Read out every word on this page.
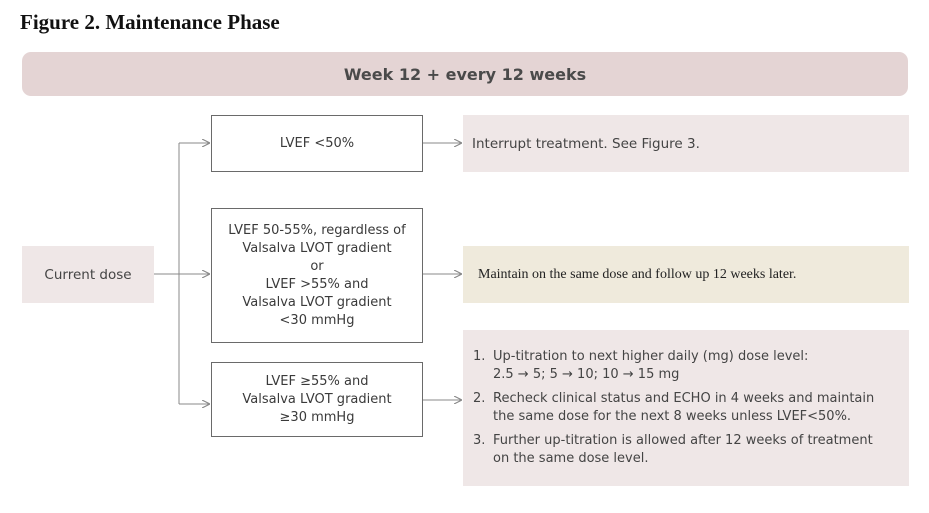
Figure 2. Maintenance Phase
Week 12 + every 12 weeks
Current dose
LVEF <50%
LVEF 50-55%, regardless of
Valsalva LVOT gradient
or
LVEF >55% and
Valsalva LVOT gradient
<30 mmHg
LVEF ≥55% and
Valsalva LVOT gradient
≥30 mmHg
Interrupt treatment. See Figure 3.
Maintain on the same dose and follow up 12 weeks later.
1. Up-titration to next higher daily (mg) dose level:
2.5 → 5; 5 → 10; 10 → 15 mg
2. Recheck clinical status and ECHO in 4 weeks and maintain
the same dose for the next 8 weeks unless LVEF<50%.
3. Further up-titration is allowed after 12 weeks of treatment
on the same dose level.
